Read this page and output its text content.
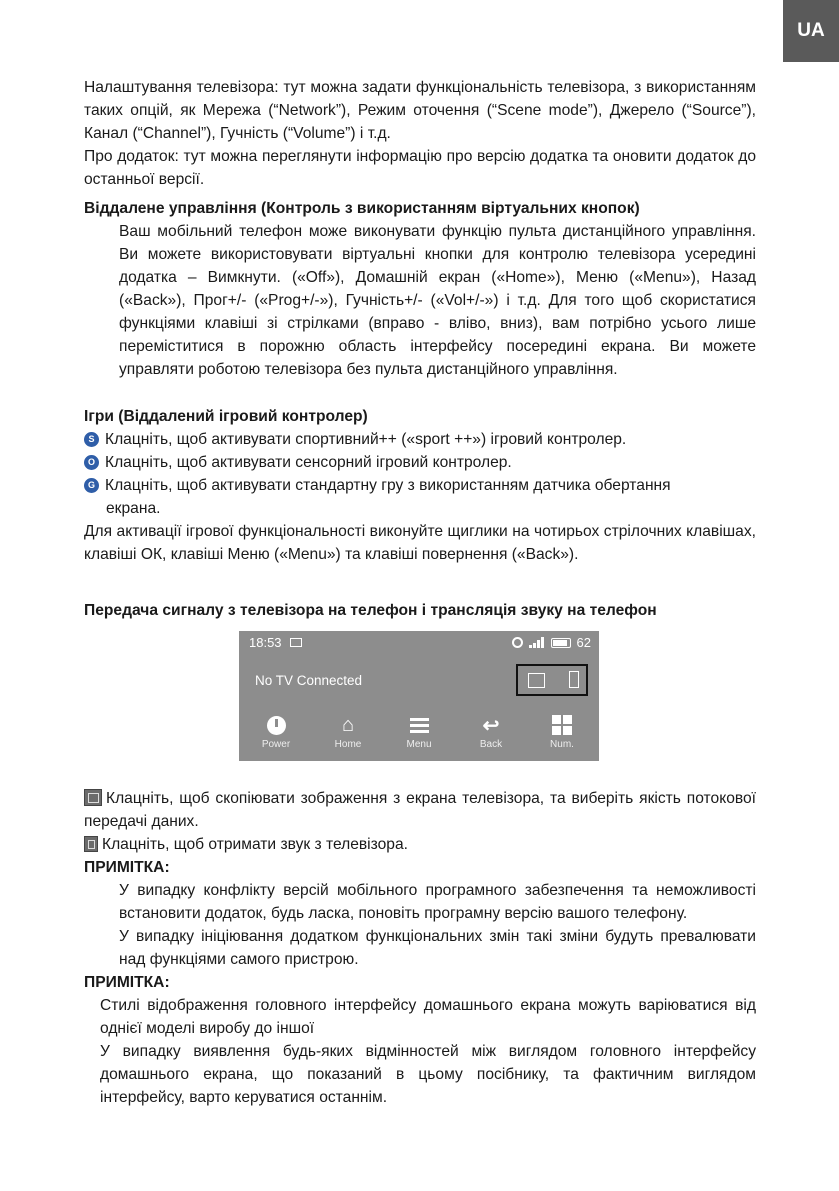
UA

Налаштування телевізора: тут можна задати функціональність телевізора, з використанням таких опцій, як Мережа (“Network”), Режим оточення (“Scene mode”), Джерело (“Source”), Канал (“Channel”), Гучність (“Volume”) і т.д.

Про додаток: тут можна переглянути інформацію про версію додатка та оновити додаток до останньої версії.

Віддалене управління (Контроль з використанням віртуальних кнопок)

Ваш мобільний телефон може виконувати функцію пульта дистанційного управління. Ви можете використовувати віртуальні кнопки для контролю телевізора усередині додатка – Вимкнути. («Off»), Домашній екран («Home»), Меню («Menu»), Назад («Back»), Прог+/- («Prog+/-»), Гучність+/- («Vol+/-») і т.д. Для того щоб скористатися функціями клавіші зі стрілками (вправо - вліво, вниз), вам потрібно усього лише переміститися в порожню область інтерфейсу посередині екрана. Ви можете управляти роботою телевізора без пульта дистанційного управління.

Ігри (Віддалений ігровий контролер)

S Клацніть, щоб активувати спортивний++ («sport ++») ігровий контролер.
O Клацніть, щоб активувати сенсорний ігровий контролер.
G Клацніть, щоб активувати стандартну гру з використанням датчика обертання

екрана.

Для активації ігрової функціональності виконуйте щиглики на чотирьох стрілочних клавішах, клавіші ОК, клавіші Меню («Menu») та клавіші повернення («Back»).

Передача сигналу з телевізора на телефон і трансляція звуку на телефон

18:53	62
No TV Connected
Power
⌂
Home	Menu
↩
Back	Num.

Клацніть, щоб скопіювати зображення з екрана телевізора, та виберіть якість потокової передачі даних.

Клацніть, щоб отримати звук з телевізора.

ПРИМІТКА:

У випадку конфлікту версій мобільного програмного забезпечення та неможливості встановити додаток, будь ласка, поновіть програмну версію вашого телефону.

У випадку ініціювання додатком функціональних змін такі зміни будуть превалювати над функціями самого пристрою.

ПРИМІТКА:

Стилі відображення головного інтерфейсу домашнього екрана можуть варіюватися від однієї моделі виробу до іншої

У випадку виявлення будь-яких відмінностей між виглядом головного інтерфейсу домашнього екрана, що показаний в цьому посібнику, та фактичним виглядом інтерфейсу, варто керуватися останнім.
